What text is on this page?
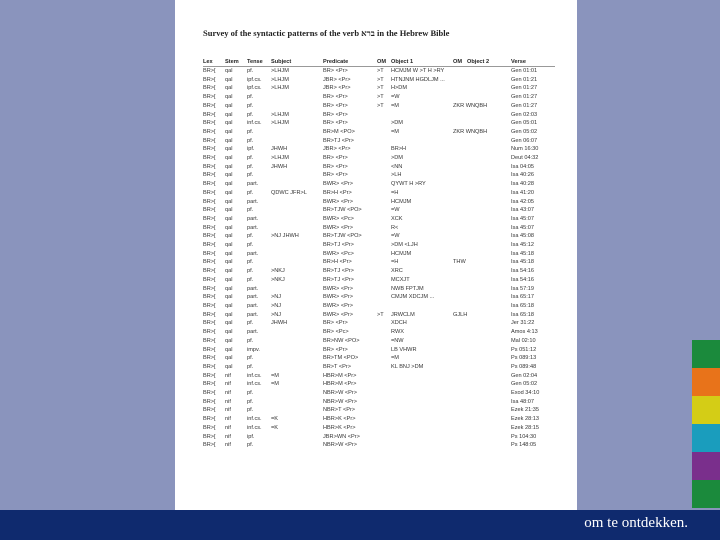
Survey of the syntactic patterns of the verb ברא in the Hebrew Bible
Lex	Stem	Tense	Subject	Predicate	OM	Object 1	OM	Object 2	Verse
BR>[	qal	pf.	>LHJM	BR> <Pr>	>T	HCMJM W >T H >RY			Gen 01:01
BR>[	qal	ipf.cs.	>LHJM	JBR> <Pr>	>T	HTNJNM HGDLJM ...			Gen 01:21
BR>[	qal	ipf.cs.	>LHJM	JBR> <Pr>	>T	H>DM			Gen 01:27
BR>[	qal	pf.		BR> <Pr>	>T	=W			Gen 01:27
BR>[	qal	pf.		BR> <Pr>	>T	=M	ZKR WNQBH		Gen 01:27
BR>[	qal	pf.	>LHJM	BR> <Pr>					Gen 02:03
BR>[	qal	inf.cs.	>LHJM	BR> <Pr>		>DM			Gen 05:01
BR>[	qal	pf.		BR>M <PO>		=M	ZKR WNQBH		Gen 05:02
BR>[	qal	pf.		BR>TJ <Pr>					Gen 06:07
BR>[	qal	ipf.	JHWH	JBR> <Pr>		BR>H			Num 16:30
BR>[	qal	pf.	>LHJM	BR> <Pr>		>DM			Deut 04:32
BR>[	qal	pf.	JHWH	BR> <Pr>		<NN			Isa 04:05
BR>[	qal	pf.		BR> <Pr>		>LH			Isa 40:26
BR>[	qal	part.		BWR> <Pr>		QYWT H >RY			Isa 40:28
BR>[	qal	pf.	QDWC JFR>L	BR>H <Pr>		=H			Isa 41:20
BR>[	qal	part.		BWR> <Pr>		HCMJM			Isa 42:05
BR>[	qal	pf.		BR>TJW <PO>		=W			Isa 43:07
BR>[	qal	part.		BWR> <Pc>		XCK			Isa 45:07
BR>[	qal	part.		BWR> <Pr>		R<			Isa 45:07
BR>[	qal	pf.	>NJ JHWH	BR>TJW <PO>		=W			Isa 45:08
BR>[	qal	pf.		BR>TJ <Pr>		>DM <LJH			Isa 45:12
BR>[	qal	part.		BWR> <Pc>		HCMJM			Isa 45:18
BR>[	qal	pf.		BR>H <Pr>		=H	THW		Isa 45:18
BR>[	qal	pf.	>NKJ	BR>TJ <Pr>		XRC			Isa 54:16
BR>[	qal	pf.	>NKJ	BR>TJ <Pr>		MCXJT			Isa 54:16
BR>[	qal	part.		BWR> <Pr>		NWB FPTJM			Isa 57:19
BR>[	qal	part.	>NJ	BWR> <Pr>		CMJM XDCJM ...			Isa 65:17
BR>[	qal	part.	>NJ	BWR> <Pr>					Isa 65:18
BR>[	qal	part.	>NJ	BWR> <Pr>	>T	JRWCLM	GJLH		Isa 65:18
BR>[	qal	pf.	JHWH	BR> <Pr>		XDCH			Jer 31:22
BR>[	qal	part.		BR> <Pc>		RWX			Amos 4:13
BR>[	qal	pf.		BR>NW <PO>		=NW			Mal 02:10
BR>[	qal	impv.		BR> <Pr>		LB VHWR			Ps 051:12
BR>[	qal	pf.		BR>TM <PO>		=M			Ps 089:13
BR>[	qal	pf.		BR>T <Pr>		KL BNJ >DM			Ps 089:48
BR>[	nif	inf.cs.	=M	HBR>M <Pr>					Gen 02:04
BR>[	nif	inf.cs.	=M	HBR>M <Pr>					Gen 05:02
BR>[	nif	pf.		NBR>W <Pr>					Exod 34:10
BR>[	nif	pf.		NBR>W <Pr>					Isa 48:07
BR>[	nif	pf.		NBR>T <Pr>					Ezek 21:35
BR>[	nif	inf.cs.	=K	HBR>K <Pr>					Ezek 28:13
BR>[	nif	inf.cs.	=K	HBR>K <Pr>					Ezek 28:15
BR>[	nif	ipf.		JBR>WN <Pr>					Ps 104:30
BR>[	nif	pf.		NBR>W <Pr>					Ps 148:05
om te ontdekken.
